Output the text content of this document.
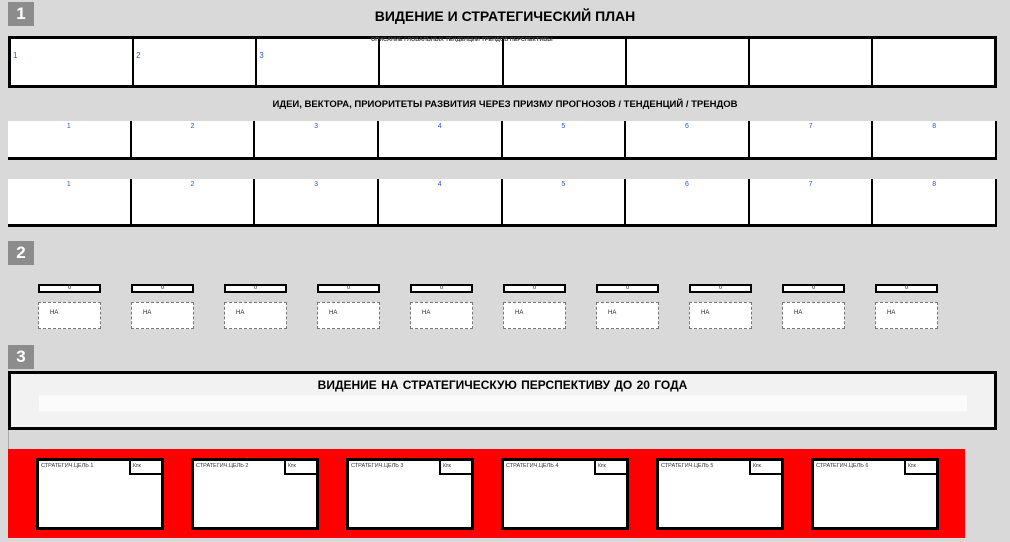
1	ВИДЕНИЕ И СТРАТЕГИЧЕСКИЙ ПЛАН
ОПИСАНИЕ ГЛОБАЛЬНЫХ ТЕНДЕНЦИЙ ТРЕНДОВ ПЕРСПЕКТИВЫ
1	2	3
ИДЕИ, ВЕКТОРА, ПРИОРИТЕТЫ РАЗВИТИЯ ЧЕРЕЗ ПРИЗМУ ПРОГНОЗОВ / ТЕНДЕНЦИЙ / ТРЕНДОВ
1	2	3	4	5	6	7	8
1	2	3	4	5	6	7	8
2
0
НА
0
НА
0
НА
0
НА
0
НА
0
НА
0
НА
0
НА
0
НА
0
НА
3
ВИДЕНИЕ НА СТРАТЕГИЧЕСКУЮ ПЕРСПЕКТИВУ ДО 20 ГОДА
СТРАТЕГИЧ.ЦЕЛЬ 1	Кпк	СТРАТЕГИЧ.ЦЕЛЬ 2	Кпк	СТРАТЕГИЧ.ЦЕЛЬ 3	Кпк	СТРАТЕГИЧ.ЦЕЛЬ 4	Кпк	СТРАТЕГИЧ.ЦЕЛЬ 5	Кпк	СТРАТЕГИЧ.ЦЕЛЬ 6	Кпк
